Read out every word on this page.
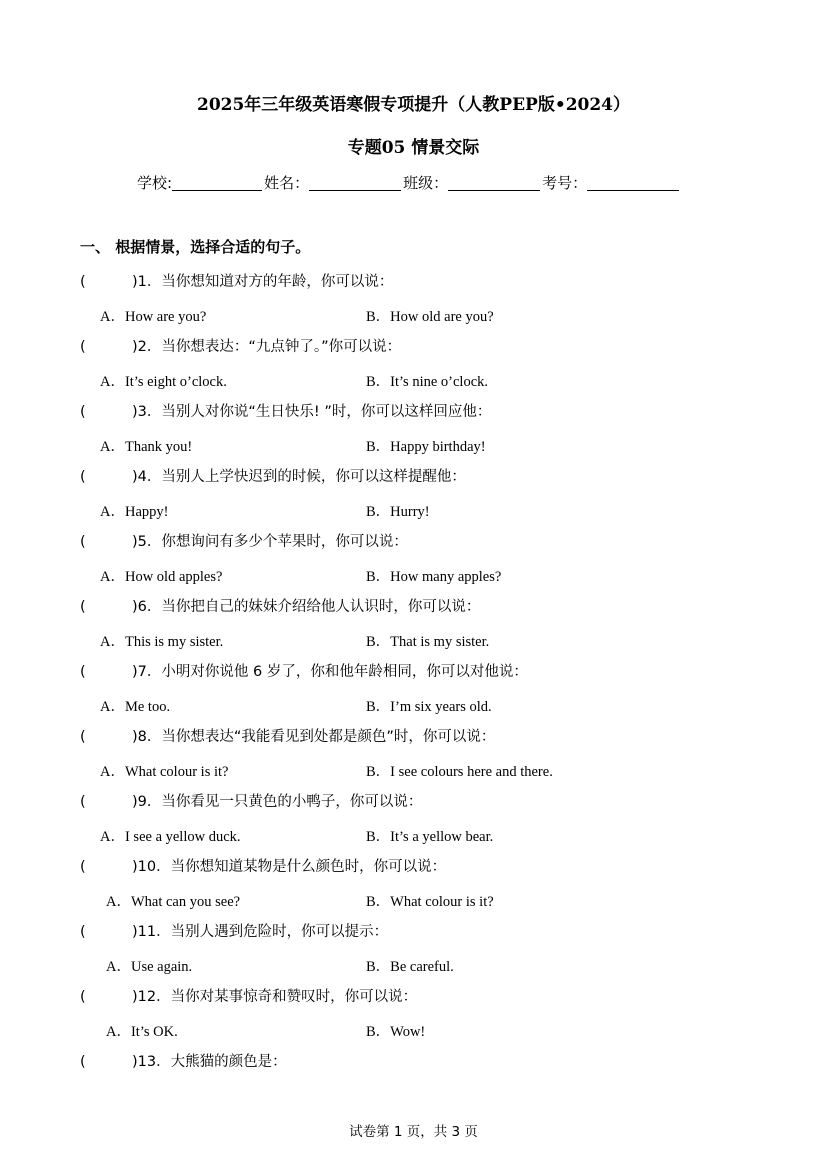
2025年三年级英语寒假专项提升（人教PEP版•2024）
专题05 情景交际
学校:	姓名：	班级：	考号：
一、 根据情景，选择合适的句子。
(	)1．当你想知道对方的年龄，你可以说：
A．How are you?	B．How old are you?
(	)2．当你想表达：“九点钟了。”你可以说：
A．It’s eight o’clock.	B．It’s nine o’clock.
(	)3．当别人对你说“生日快乐! ”时，你可以这样回应他：
A．Thank you!	B．Happy birthday!
(	)4．当别人上学快迟到的时候，你可以这样提醒他：
A．Happy!	B．Hurry!
(	)5．你想询问有多少个苹果时，你可以说：
A．How old apples?	B．How many apples?
(	)6．当你把自己的妹妹介绍给他人认识时，你可以说：
A．This is my sister.	B．That is my sister.
(	)7．小明对你说他 6 岁了，你和他年龄相同，你可以对他说：
A．Me too.	B．I’m six years old.
(	)8．当你想表达“我能看见到处都是颜色”时，你可以说：
A．What colour is it?	B．I see colours here and there.
(	)9．当你看见一只黄色的小鸭子，你可以说：
A．I see a yellow duck.	B．It’s a yellow bear.
(	)10．当你想知道某物是什么颜色时，你可以说：
A．What can you see?	B．What colour is it?
(	)11．当别人遇到危险时，你可以提示：
A．Use again.	B．Be careful.
(	)12．当你对某事惊奇和赞叹时，你可以说：
A．It’s OK.	B．Wow!
(	)13．大熊猫的颜色是：
试卷第 1 页，共 3 页
